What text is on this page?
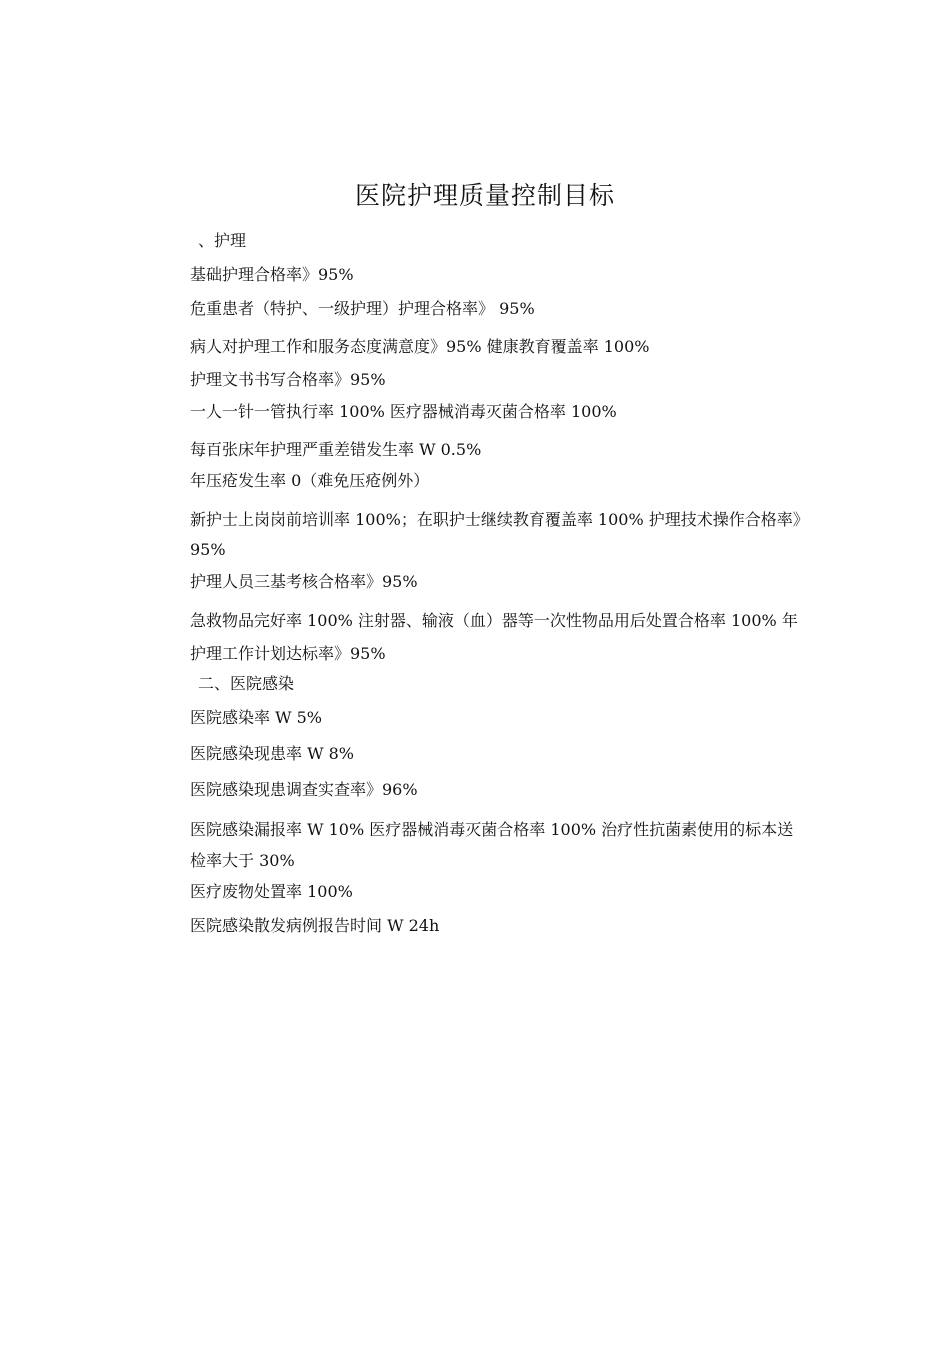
医院护理质量控制目标
、护理
基础护理合格率》95%
危重患者（特护、一级护理）护理合格率》 95%
病人对护理工作和服务态度满意度》95% 健康教育覆盖率 100%
护理文书书写合格率》95%
一人一针一管执行率 100% 医疗器械消毒灭菌合格率 100%
每百张床年护理严重差错发生率 W 0.5%
年压疮发生率 0（难免压疮例外）
新护士上岗岗前培训率 100%；在职护士继续教育覆盖率 100% 护理技术操作合格率》
95%
护理人员三基考核合格率》95%
急救物品完好率 100% 注射器、输液（血）器等一次性物品用后处置合格率 100% 年
护理工作计划达标率》95%
二、医院感染
医院感染率 W 5%
医院感染现患率 W 8%
医院感染现患调查实查率》96%
医院感染漏报率 W 10% 医疗器械消毒灭菌合格率 100% 治疗性抗菌素使用的标本送
检率大于 30%
医疗废物处置率 100%
医院感染散发病例报告时间 W 24h
